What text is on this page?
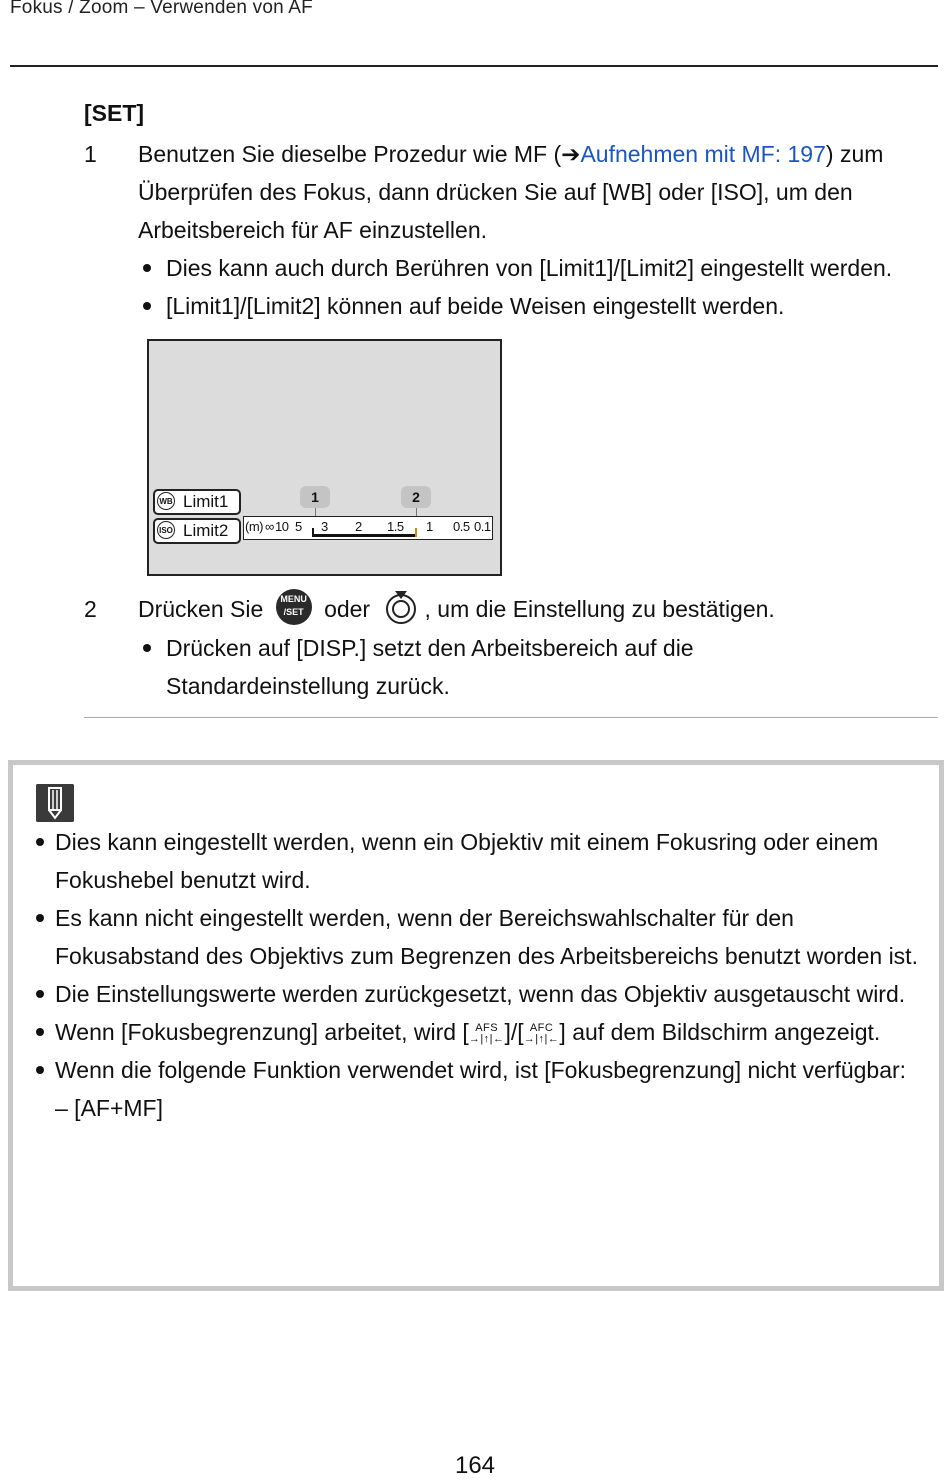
Fokus / Zoom – Verwenden von AF
[SET]
1	Benutzen Sie dieselbe Prozedur wie MF (➔Aufnehmen mit MF: 197) zum Überprüfen des Fokus, dann drücken Sie auf [WB] oder [ISO], um den Arbeitsbereich für AF einzustellen.
Dies kann auch durch Berühren von [Limit1]/[Limit2] eingestellt werden.
[Limit1]/[Limit2] können auf beide Weisen eingestellt werden.
1	2
WB Limit1
ISO Limit2 (m) ∞ 10 5 3 2 1.5 1 0.5 0.1
2	Drücken Sie MENU
/SET oder , um die Einstellung zu bestätigen.
Drücken auf [DISP.] setzt den Arbeitsbereich auf die Standardeinstellung zurück.
Dies kann eingestellt werden, wenn ein Objektiv mit einem Fokusring oder einem Fokushebel benutzt wird.
Es kann nicht eingestellt werden, wenn der Bereichswahlschalter für den Fokusabstand des Objektivs zum Begrenzen des Arbeitsbereichs benutzt worden ist.
Die Einstellungswerte werden zurückgesetzt, wenn das Objektiv ausgetauscht wird.
Wenn [Fokusbegrenzung] arbeitet, wird [ AFS
→|↑|←]/[ AFC
→|↑|←] auf dem Bildschirm angezeigt.
Wenn die folgende Funktion verwendet wird, ist [Fokusbegrenzung] nicht verfügbar:
– [AF+MF]
164
